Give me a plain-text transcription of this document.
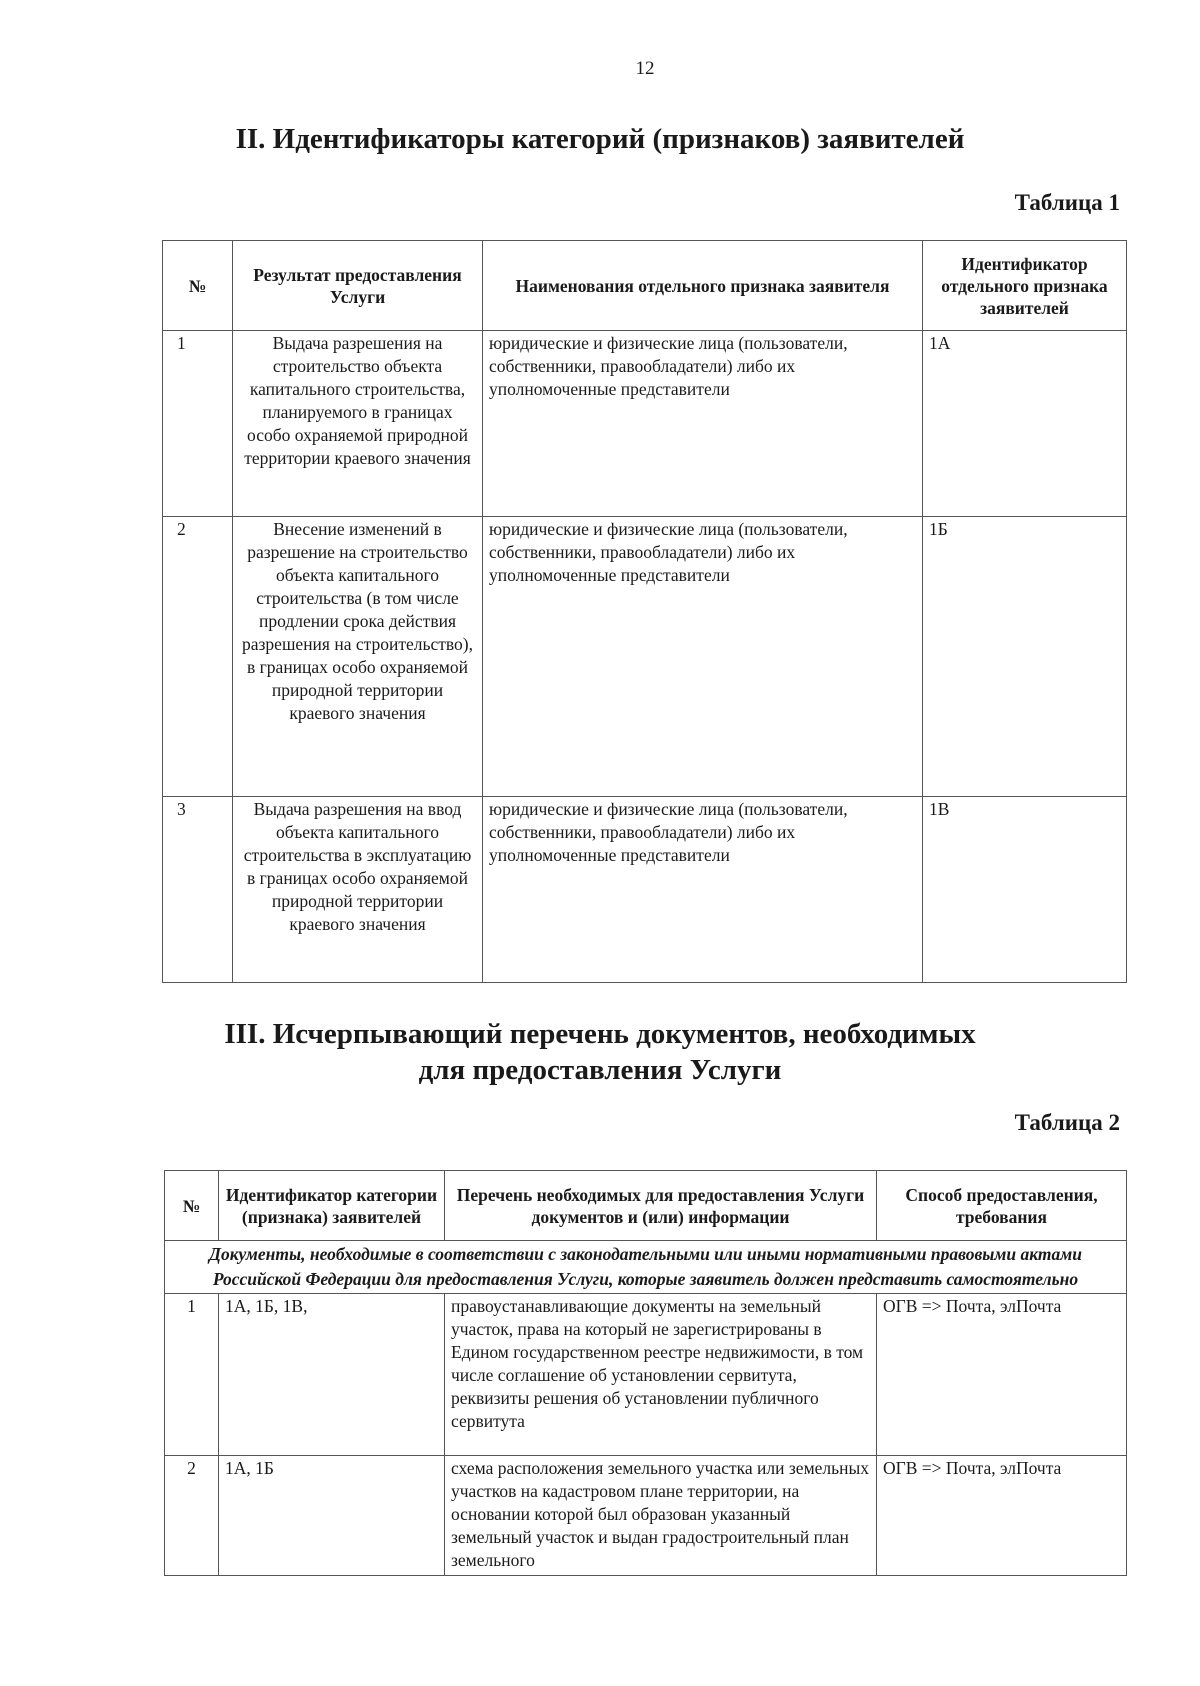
12
II. Идентификаторы категорий (признаков) заявителей
Таблица 1
№	Результат предоставления Услуги	Наименования отдельного признака заявителя	Идентификатор отдельного признака заявителей
1	Выдача разрешения на строительство объекта капитального строительства, планируемого в границах особо охраняемой природной территории краевого значения	юридические и физические лица (пользователи, собственники, правообладатели) либо их уполномоченные представители	1А
2	Внесение изменений в разрешение на строительство объекта капитального строительства (в том числе продлении срока действия разрешения на строительство), в границах особо охраняемой природной территории краевого значения	юридические и физические лица (пользователи, собственники, правообладатели) либо их уполномоченные представители	1Б
3	Выдача разрешения на ввод объекта капитального строительства в эксплуатацию в границах особо охраняемой природной территории краевого значения	юридические и физические лица (пользователи, собственники, правообладатели) либо их уполномоченные представители	1В
III. Исчерпывающий перечень документов, необходимых
для предоставления Услуги
Таблица 2
№	Идентификатор категории (признака) заявителей	Перечень необходимых для предоставления Услуги документов и (или) информации	Способ предоставления, требования
Документы, необходимые в соответствии с законодательными или иными нормативными правовыми актами Российской Федерации для предоставления Услуги, которые заявитель должен представить самостоятельно			
1	1А, 1Б, 1В,	правоустанавливающие документы на земельный участок, права на который не зарегистрированы в Едином государственном реестре недвижимости, в том числе соглашение об установлении сервитута, реквизиты решения об установлении публичного сервитута	ОГВ => Почта, элПочта
2	1А, 1Б	схема расположения земельного участка или земельных участков на кадастровом плане территории, на основании которой был образован указанный земельный участок и выдан градостроительный план земельного	ОГВ => Почта, элПочта
